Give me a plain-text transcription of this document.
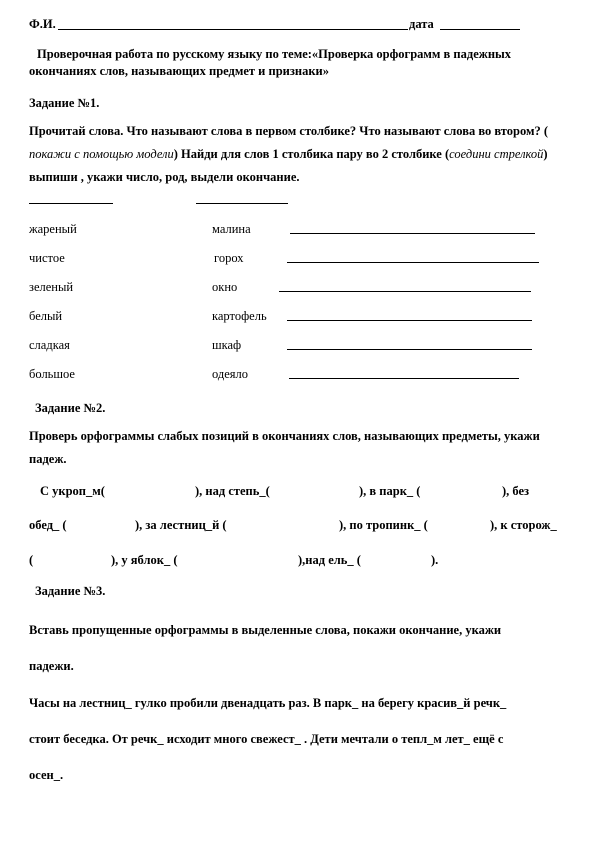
Ф.И.	дата
Проверочная работа по русскому языку по теме:«Проверка орфограмм в падежных
окончаниях слов, называющих предмет и признаки»
Задание №1.
Прочитай слова. Что называют слова в первом столбике? Что называют слова во втором? ( покажи с помощью модели) Найди для слов 1 столбика пару во 2 столбике (соедини стрелкой) выпиши , укажи число, род, выдели окончание.
жареный	малина
чистое	горох
зеленый	окно
белый	картофель
сладкая	шкаф
большое	одеяло
Задание №2.
Проверь орфограммы слабых позиций в окончаниях слов, называющих предметы, укажи падеж.
С укроп_м(	), над степь_(	), в парк_ (	), без
обед_ (	), за лестниц_й (	), по тропинк_ (	), к сторож_
(	), у яблок_ (	),над ель_ (	).
Задание №3.
Вставь пропущенные орфограммы в выделенные слова, покажи окончание, укажи
падежи.
Часы на лестниц_ гулко пробили двенадцать раз. В парк_ на берегу красив_й речк_
стоит беседка. От речк_ исходит много свежест_ . Дети мечтали о тепл_м лет_ ещё с
осен_.
